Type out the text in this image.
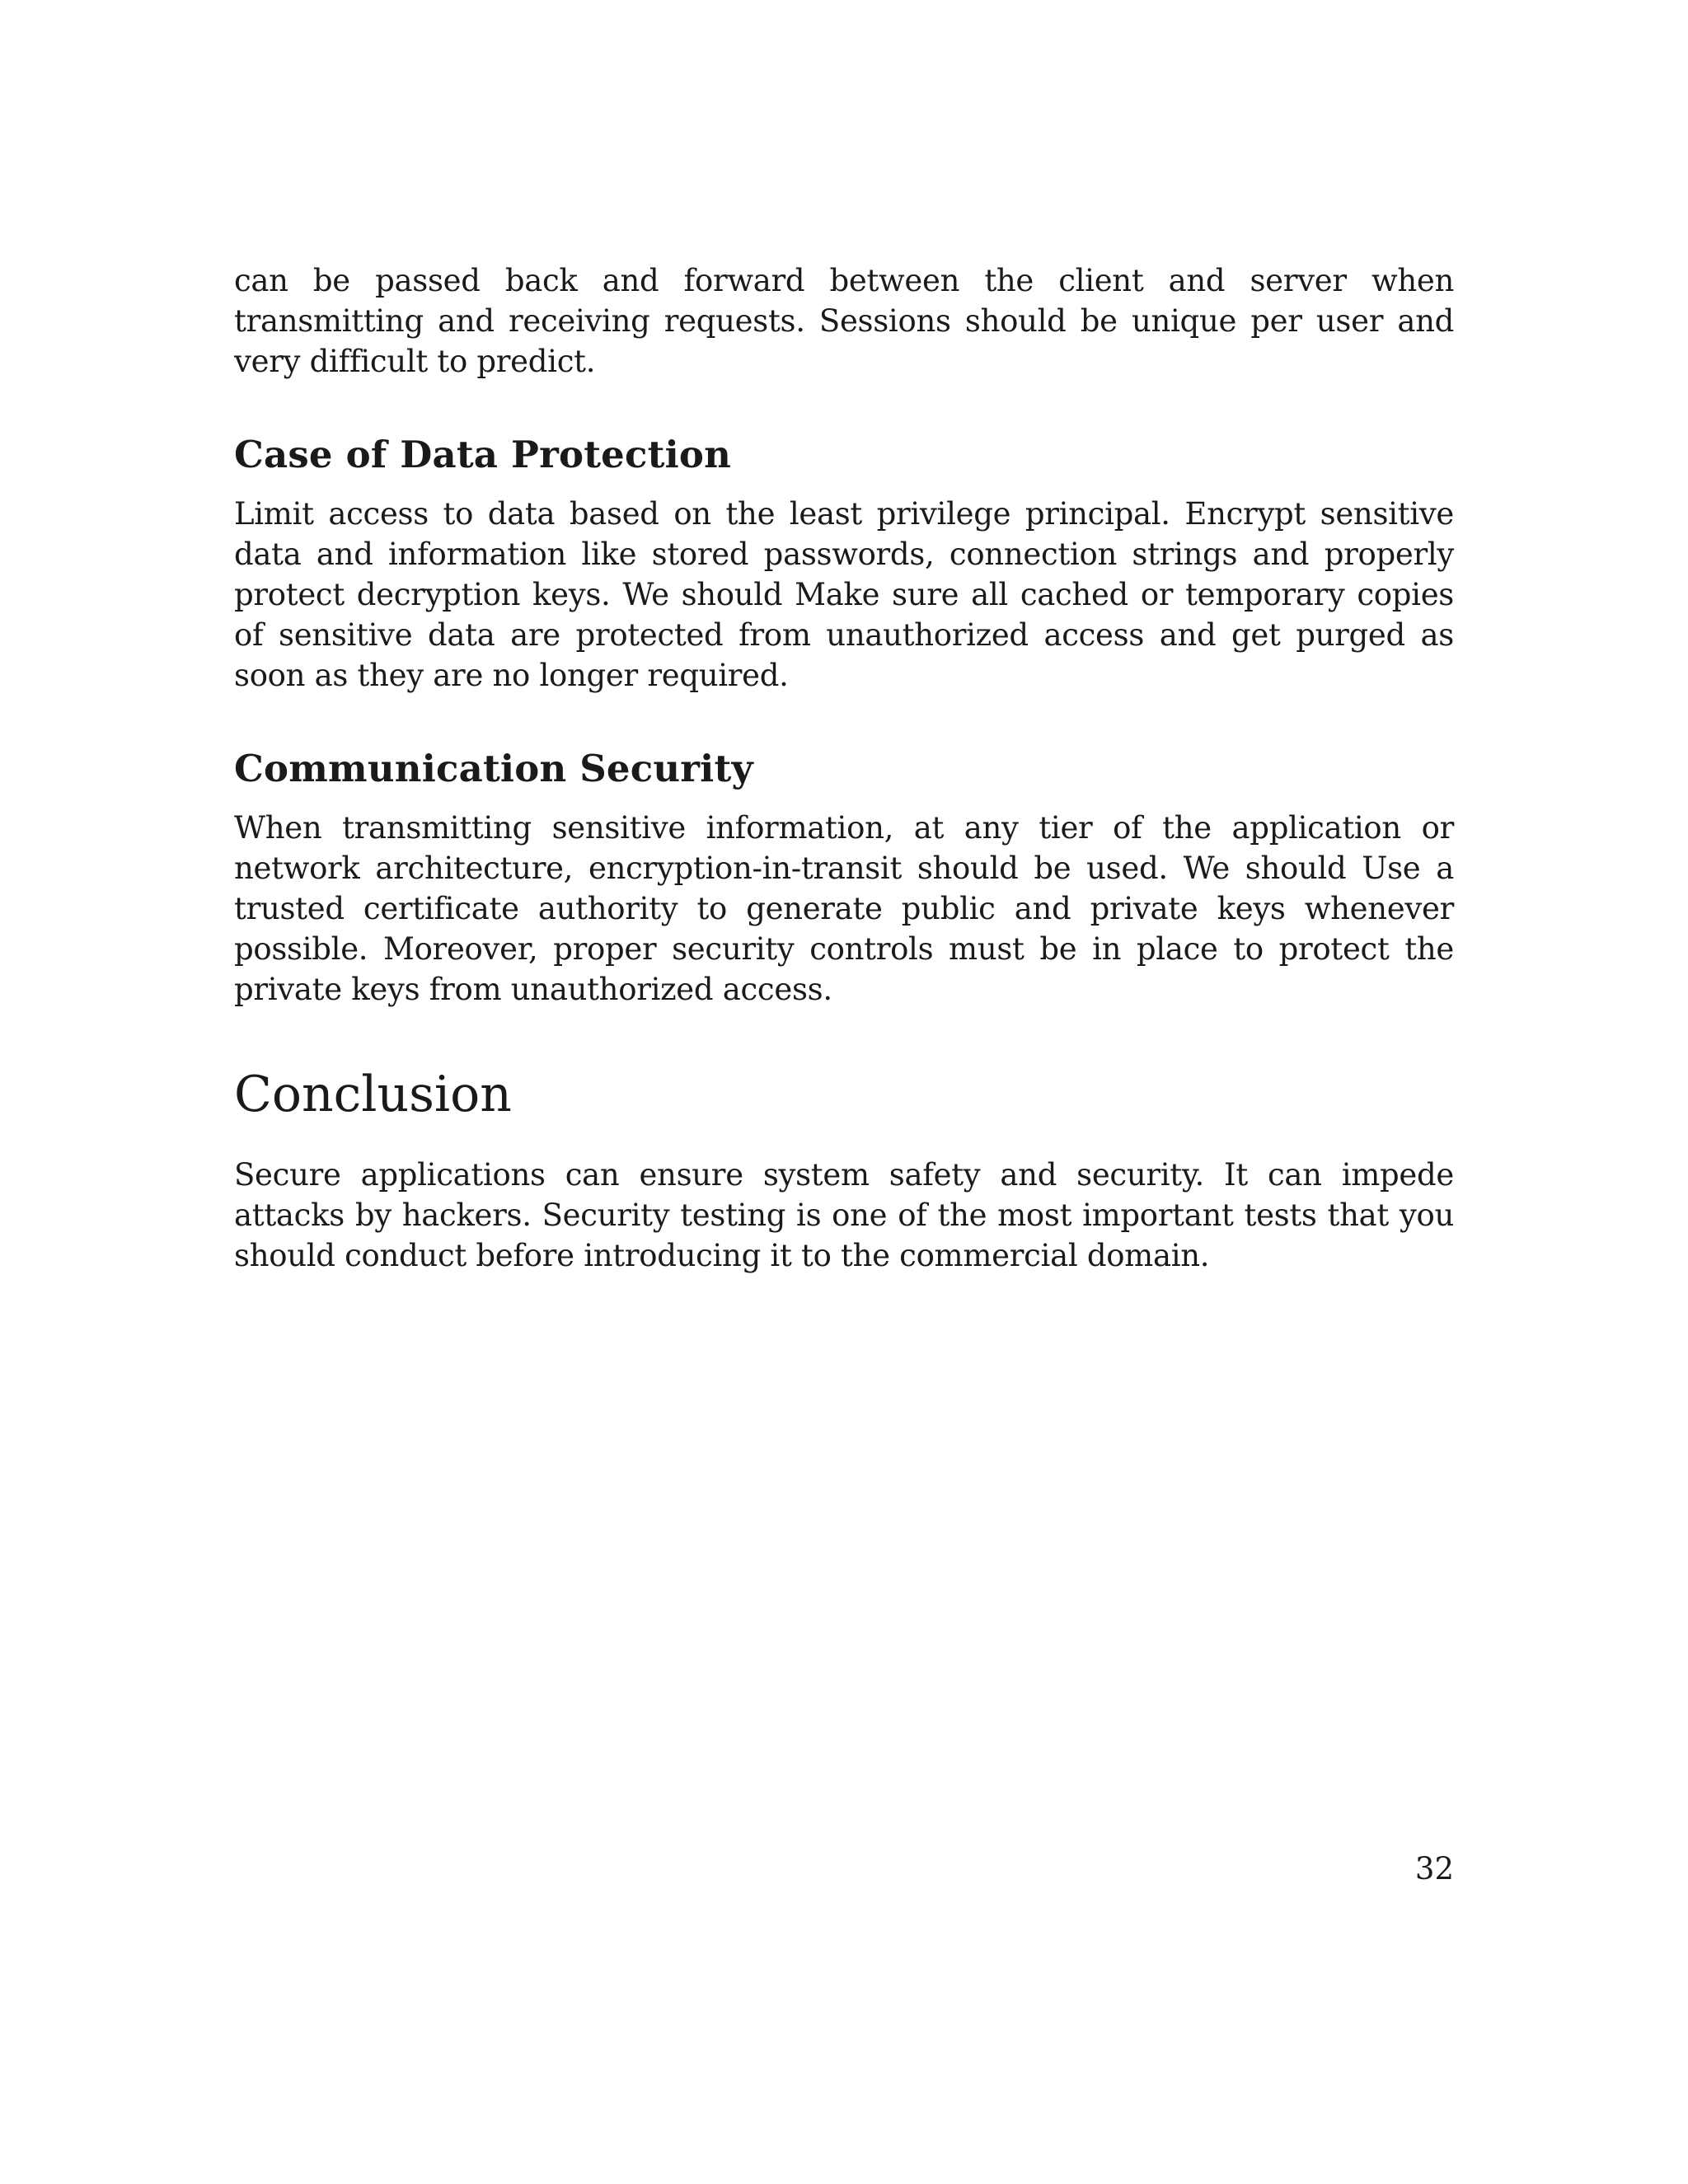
can be passed back and forward between the client and server when transmitting and receiving requests. Sessions should be unique per user and very difficult to predict.

Case of Data Protection

Limit access to data based on the least privilege principal. Encrypt sensitive data and information like stored passwords, connection strings and properly protect decryption keys. We should Make sure all cached or temporary copies of sensitive data are protected from unauthorized access and get purged as soon as they are no longer required.

Communication Security

When transmitting sensitive information, at any tier of the application or network architecture, encryption-in-transit should be used. We should Use a trusted certificate authority to generate public and private keys whenever possible. Moreover, proper security controls must be in place to protect the private keys from unauthorized access.

Conclusion

Secure applications can ensure system safety and security. It can impede attacks by hackers. Security testing is one of the most important tests that you should conduct before introducing it to the commercial domain.

32
